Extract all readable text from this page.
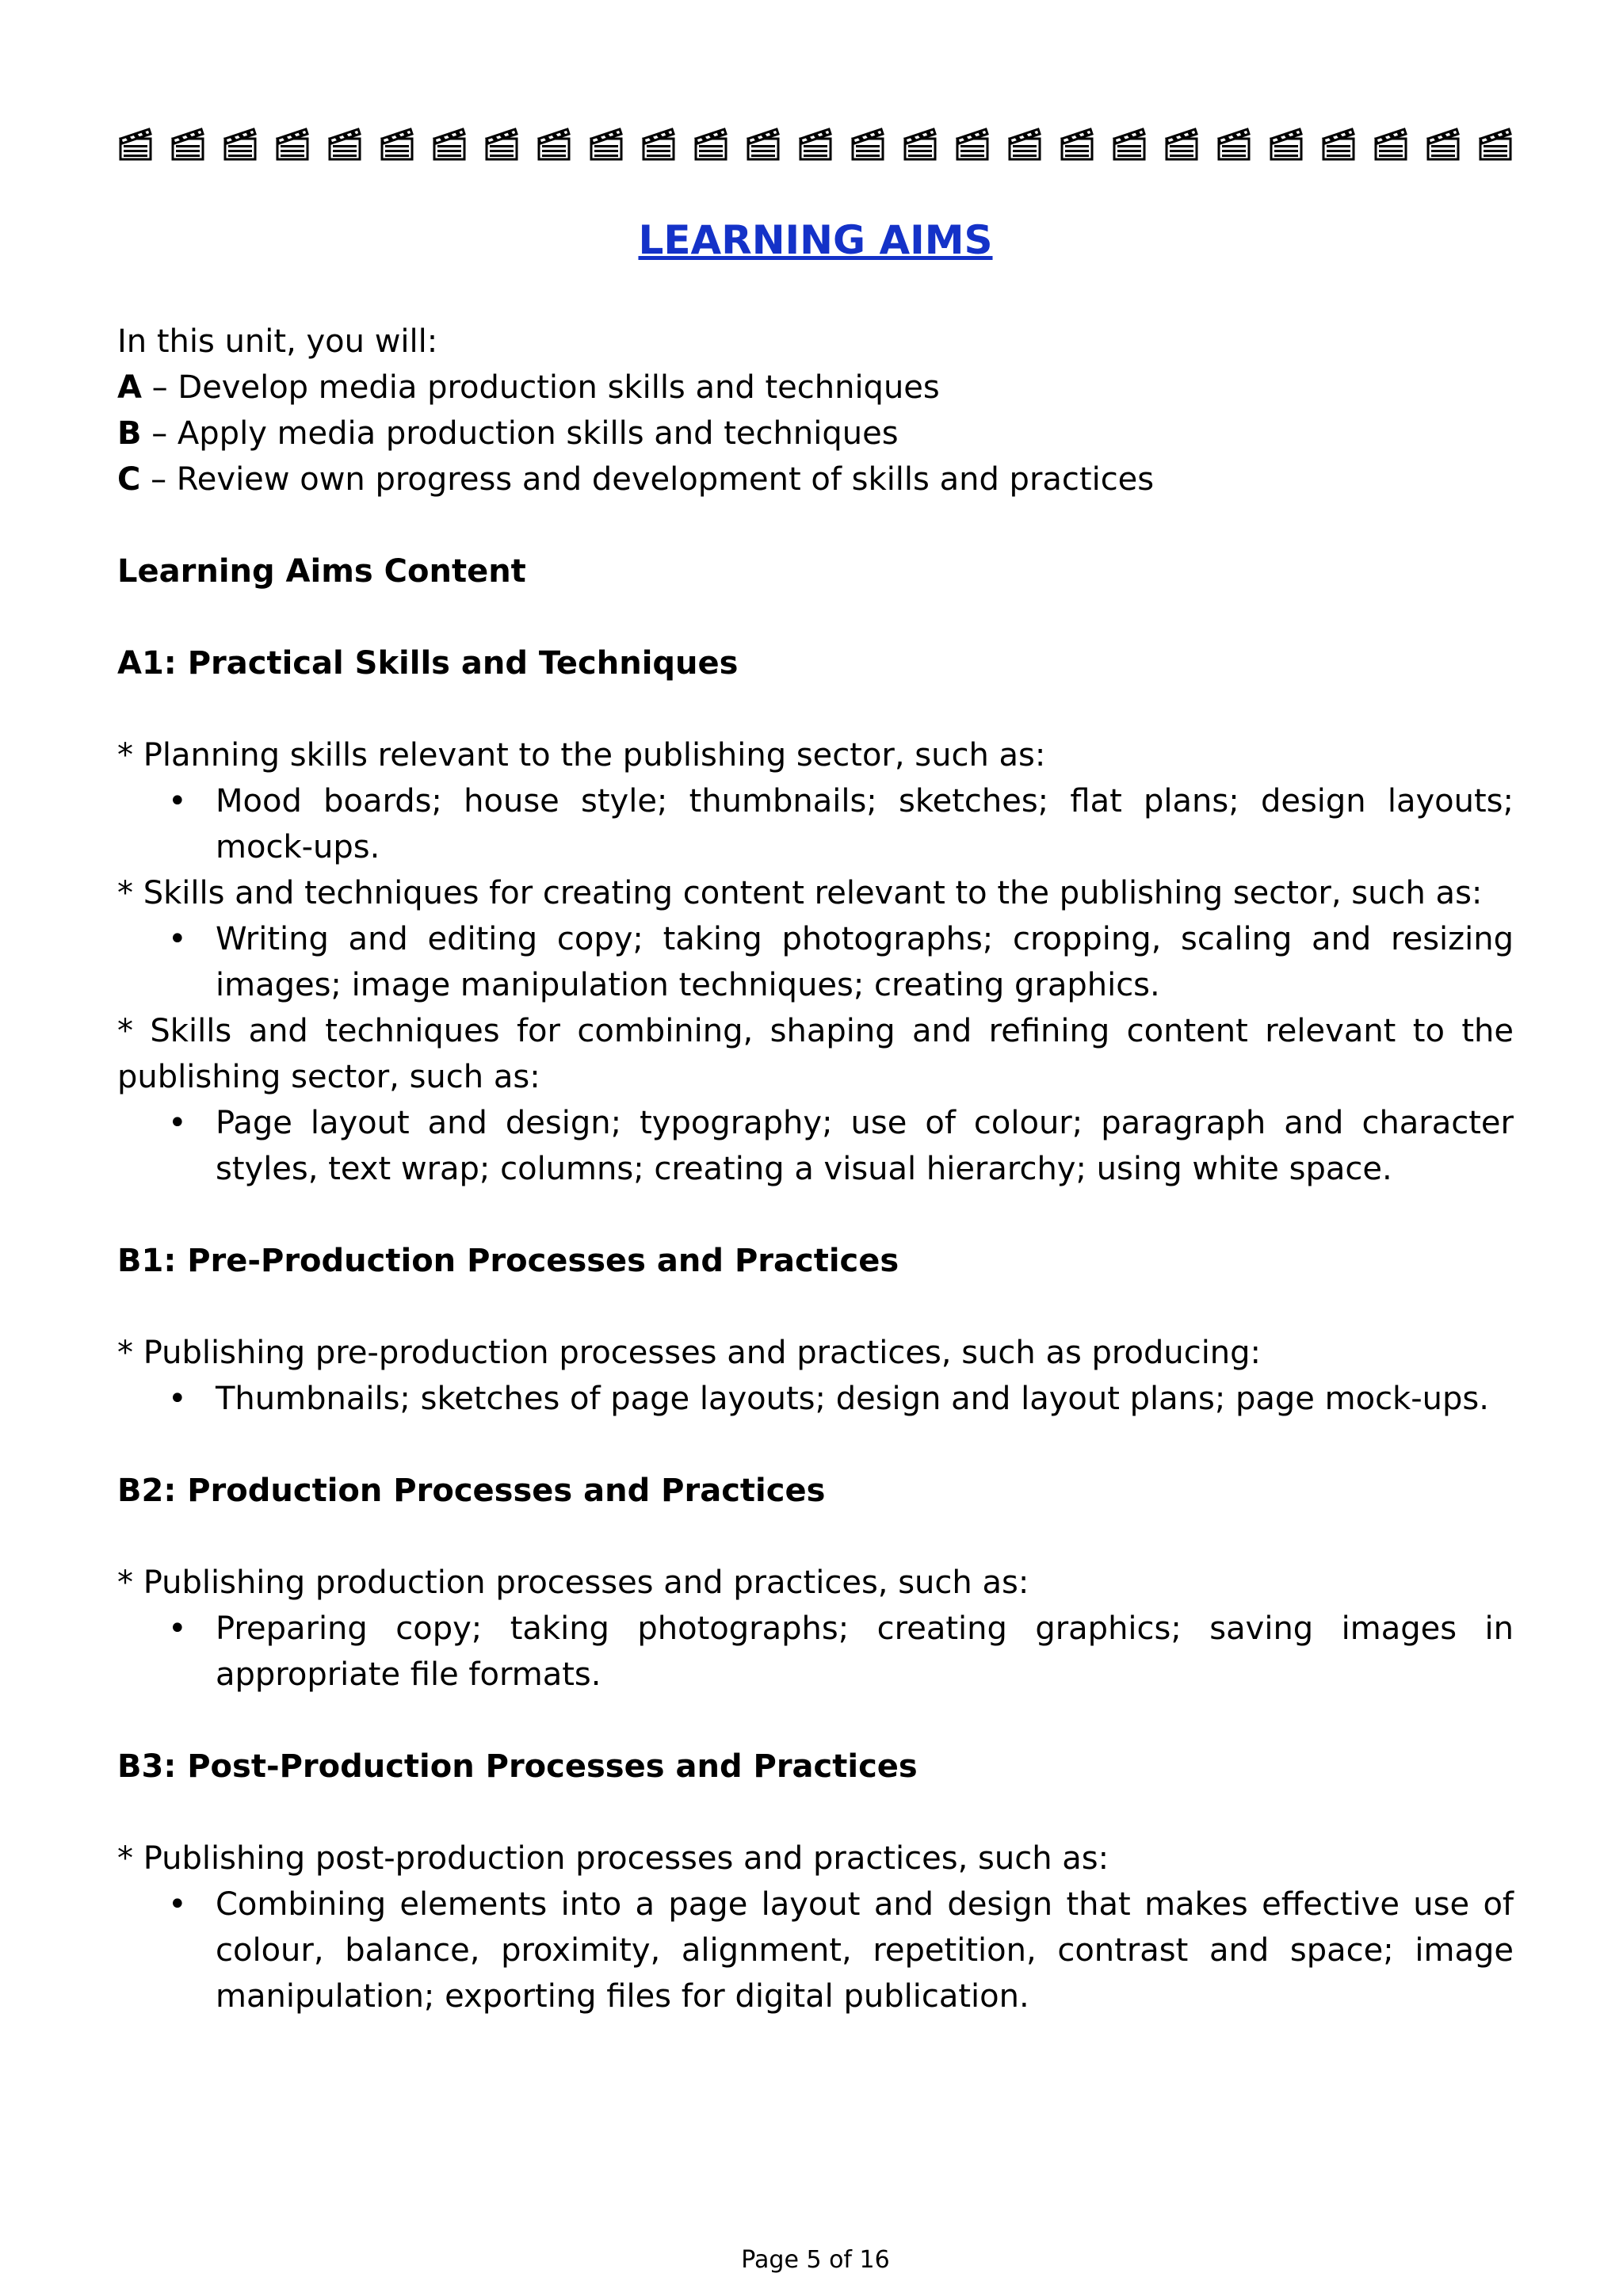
LEARNING AIMS

In this unit, you will:

A – Develop media production skills and techniques

B – Apply media production skills and techniques

C – Review own progress and development of skills and practices

Learning Aims Content

A1: Practical Skills and Techniques

* Planning skills relevant to the publishing sector, such as:

• Mood boards; house style; thumbnails; sketches; flat plans; design layouts; mock-ups.

* Skills and techniques for creating content relevant to the publishing sector, such as:

• Writing and editing copy; taking photographs; cropping, scaling and resizing images; image manipulation techniques; creating graphics.

* Skills and techniques for combining, shaping and refining content relevant to the publishing sector, such as:

• Page layout and design; typography; use of colour; paragraph and character styles, text wrap; columns; creating a visual hierarchy; using white space.

B1: Pre-Production Processes and Practices

* Publishing pre-production processes and practices, such as producing:

• Thumbnails; sketches of page layouts; design and layout plans; page mock-ups.

B2: Production Processes and Practices

* Publishing production processes and practices, such as:

• Preparing copy; taking photographs; creating graphics; saving images in appropriate file formats.

B3: Post-Production Processes and Practices

* Publishing post-production processes and practices, such as:

• Combining elements into a page layout and design that makes effective use of colour, balance, proximity, alignment, repetition, contrast and space; image manipulation; exporting files for digital publication.
Page 5 of 16
